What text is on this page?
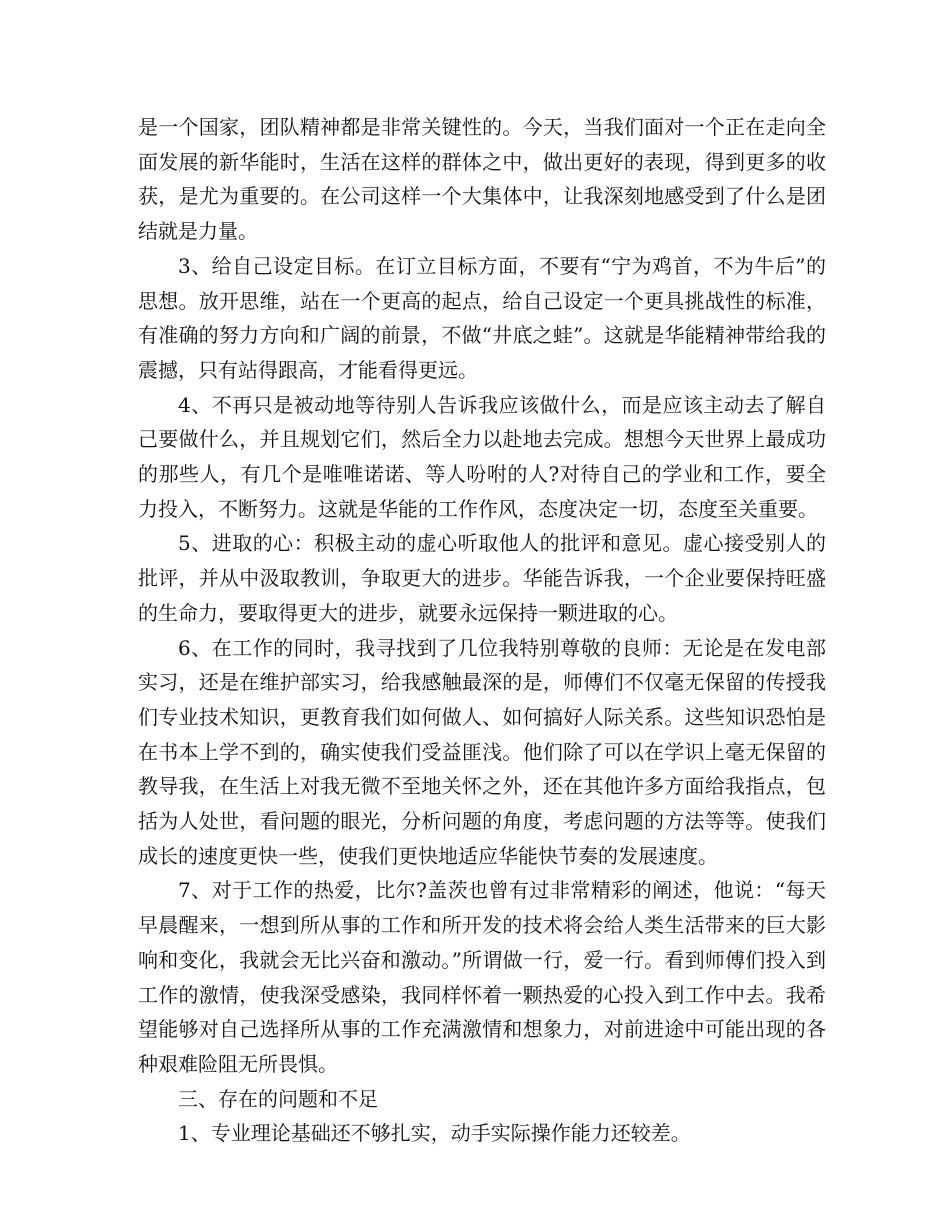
是一个国家，团队精神都是非常关键性的。今天，当我们面对一个正在走向全面发展的新华能时，生活在这样的群体之中，做出更好的表现，得到更多的收获，是尤为重要的。在公司这样一个大集体中，让我深刻地感受到了什么是团结就是力量。

3、给自己设定目标。在订立目标方面，不要有“宁为鸡首，不为牛后”的思想。放开思维，站在一个更高的起点，给自己设定一个更具挑战性的标准，有准确的努力方向和广阔的前景，不做“井底之蛙”。这就是华能精神带给我的震撼，只有站得跟高，才能看得更远。

4、不再只是被动地等待别人告诉我应该做什么，而是应该主动去了解自己要做什么，并且规划它们，然后全力以赴地去完成。想想今天世界上最成功的那些人，有几个是唯唯诺诺、等人吩咐的人?对待自己的学业和工作，要全力投入，不断努力。这就是华能的工作作风，态度决定一切，态度至关重要。

5、进取的心：积极主动的虚心听取他人的批评和意见。虚心接受别人的批评，并从中汲取教训，争取更大的进步。华能告诉我，一个企业要保持旺盛的生命力，要取得更大的进步，就要永远保持一颗进取的心。

6、在工作的同时，我寻找到了几位我特别尊敬的良师：无论是在发电部实习，还是在维护部实习，给我感触最深的是，师傅们不仅毫无保留的传授我们专业技术知识，更教育我们如何做人、如何搞好人际关系。这些知识恐怕是在书本上学不到的，确实使我们受益匪浅。他们除了可以在学识上毫无保留的教导我，在生活上对我无微不至地关怀之外，还在其他许多方面给我指点，包括为人处世，看问题的眼光，分析问题的角度，考虑问题的方法等等。使我们成长的速度更快一些，使我们更快地适应华能快节奏的发展速度。

7、对于工作的热爱，比尔?盖茨也曾有过非常精彩的阐述，他说：“每天早晨醒来，一想到所从事的工作和所开发的技术将会给人类生活带来的巨大影响和变化，我就会无比兴奋和激动。”所谓做一行，爱一行。看到师傅们投入到工作的激情，使我深受感染，我同样怀着一颗热爱的心投入到工作中去。我希望能够对自己选择所从事的工作充满激情和想象力，对前进途中可能出现的各种艰难险阻无所畏惧。

三、存在的问题和不足

1、专业理论基础还不够扎实，动手实际操作能力还较差。
